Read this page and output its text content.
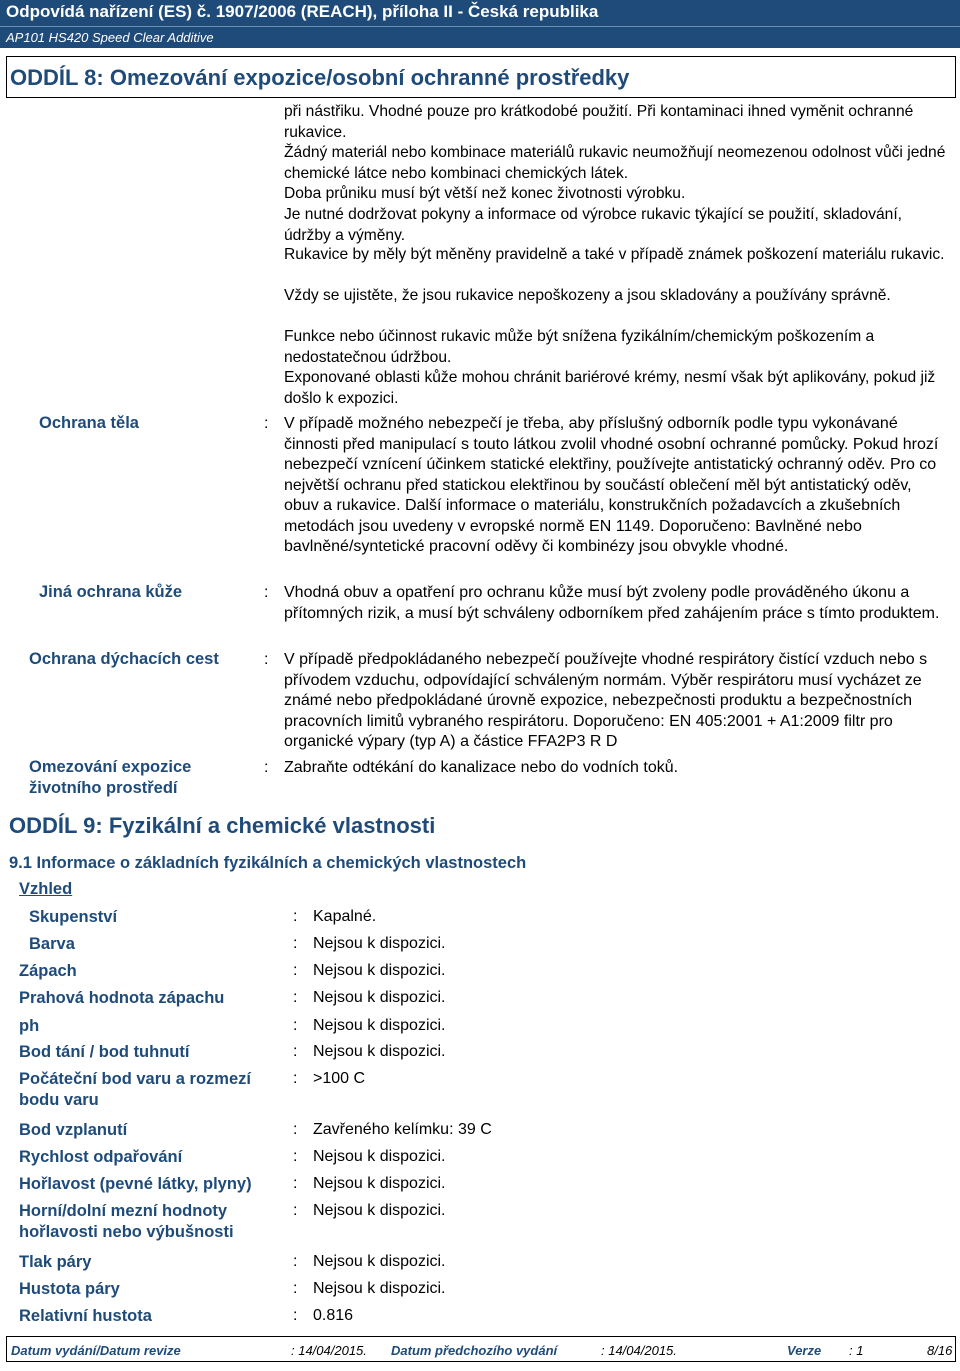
Odpovídá nařízení (ES) č. 1907/2006 (REACH), příloha II - Česká republika
AP101 HS420 Speed Clear Additive
ODDÍL 8: Omezování expozice/osobní ochranné prostředky
při nástřiku. Vhodné pouze pro krátkodobé použití. Při kontaminaci ihned vyměnit ochranné rukavice.
Žádný materiál nebo kombinace materiálů rukavic neumožňují neomezenou odolnost vůči jedné chemické látce nebo kombinaci chemických látek.
Doba průniku musí být větší než konec životnosti výrobku.
Je nutné dodržovat pokyny a informace od výrobce rukavic týkající se použití, skladování, údržby a výměny.
Rukavice by měly být měněny pravidelně a také v případě známek poškození materiálu rukavic.
Vždy se ujistěte, že jsou rukavice nepoškozeny a jsou skladovány a používány správně.
Funkce nebo účinnost rukavic může být snížena fyzikálním/chemickým poškozením a nedostatečnou údržbou.
Exponované oblasti kůže mohou chránit bariérové krémy, nesmí však být aplikovány, pokud již došlo k expozici.
Ochrana těla	: V případě možného nebezpečí je třeba, aby příslušný odborník podle typu vykonávané činnosti před manipulací s touto látkou zvolil vhodné osobní ochranné pomůcky. Pokud hrozí nebezpečí vznícení účinkem statické elektřiny, používejte antistatický ochranný oděv. Pro co největší ochranu před statickou elektřinou by součástí oblečení měl být antistatický oděv, obuv a rukavice. Další informace o materiálu, konstrukčních požadavcích a zkušebních metodách jsou uvedeny v evropské normě EN 1149. Doporučeno: Bavlněné nebo bavlněné/syntetické pracovní oděvy či kombinézy jsou obvykle vhodné.
Jiná ochrana kůže	: Vhodná obuv a opatření pro ochranu kůže musí být zvoleny podle prováděného úkonu a přítomných rizik, a musí být schváleny odborníkem před zahájením práce s tímto produktem.
Ochrana dýchacích cest	: V případě předpokládaného nebezpečí používejte vhodné respirátory čistící vzduch nebo s přívodem vzduchu, odpovídající schváleným normám. Výběr respirátoru musí vycházet ze známé nebo předpokládané úrovně expozice, nebezpečnosti produktu a bezpečnostních pracovních limitů vybraného respirátoru. Doporučeno: EN 405:2001 + A1:2009 filtr pro organické výpary (typ A) a částice FFA2P3 R D
Omezování expozice
životního prostředí
: Zabraňte odtékání do kanalizace nebo do vodních toků.
ODDÍL 9: Fyzikální a chemické vlastnosti
9.1 Informace o základních fyzikálních a chemických vlastnostech
Vzhled
Skupenství	: Kapalné.
Barva	: Nejsou k dispozici.
Zápach	: Nejsou k dispozici.
Prahová hodnota zápachu	: Nejsou k dispozici.
ph	: Nejsou k dispozici.
Bod tání / bod tuhnutí	: Nejsou k dispozici.
Počáteční bod varu a rozmezí
bodu varu
: >100 C
Bod vzplanutí	: Zavřeného kelímku: 39 C
Rychlost odpařování	: Nejsou k dispozici.
Hořlavost (pevné látky, plyny)	: Nejsou k dispozici.
Horní/dolní mezní hodnoty
hořlavosti nebo výbušnosti
: Nejsou k dispozici.
Tlak páry	: Nejsou k dispozici.
Hustota páry	: Nejsou k dispozici.
Relativní hustota	: 0.816
Datum vydání/Datum revize	: 14/04/2015. Datum předchozího vydání	: 14/04/2015.	Verze : 1	8/16
